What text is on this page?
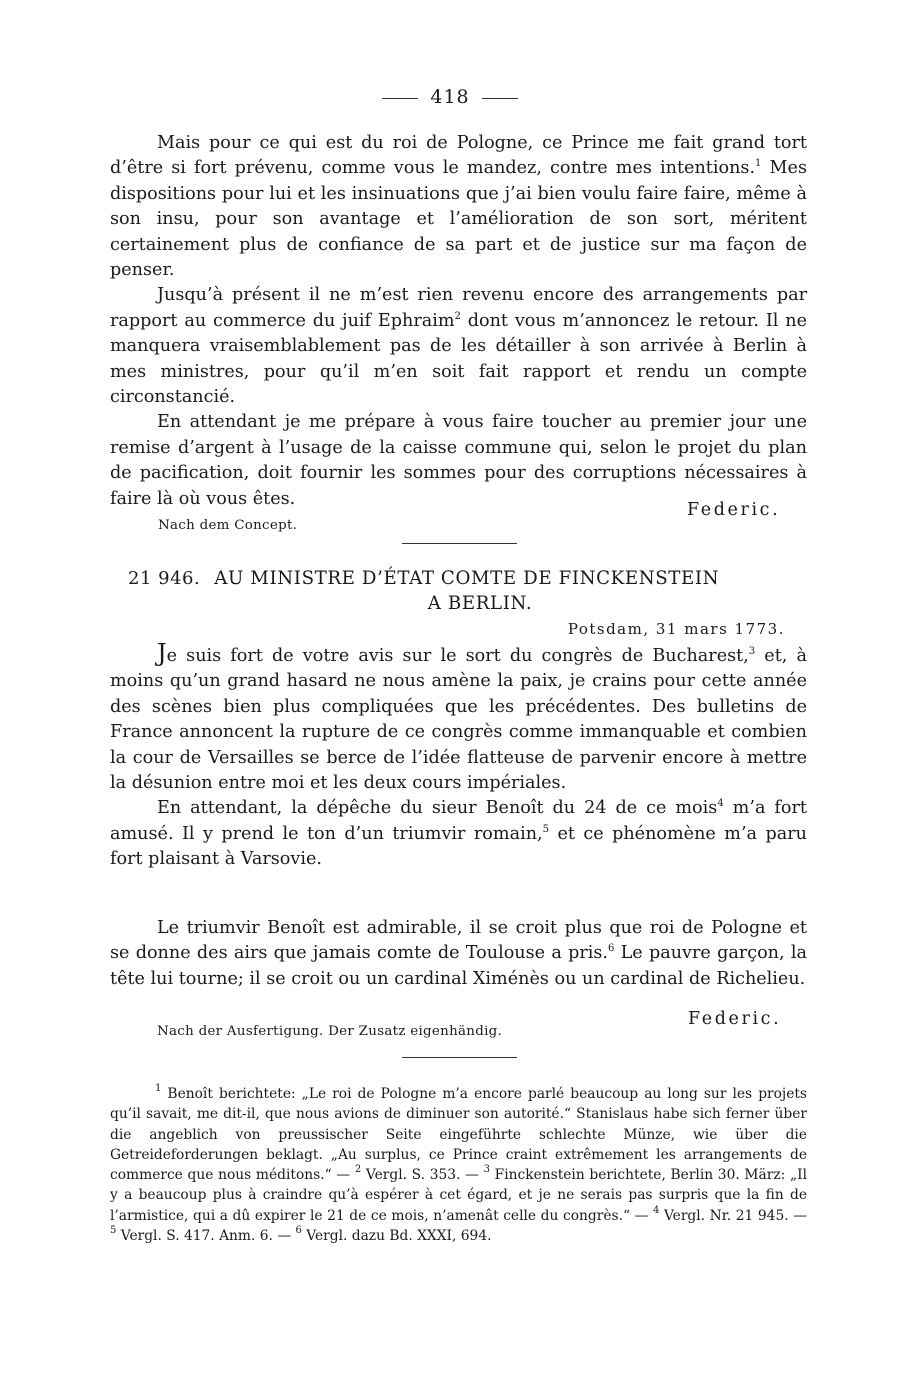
418

Mais pour ce qui est du roi de Pologne, ce Prince me fait grand tort d’être si fort prévenu, comme vous le mandez, contre mes intentions.$^1$ Mes dispositions pour lui et les insinuations que j’ai bien voulu faire faire, même à son insu, pour son avantage et l’amélioration de son sort, méritent certainement plus de confiance de sa part et de justice sur ma façon de penser.

Jusqu’à présent il ne m’est rien revenu encore des arrangements par rapport au commerce du juif Ephraim$^2$ dont vous m’annoncez le retour. Il ne manquera vraisemblablement pas de les détailler à son arrivée à Berlin à mes ministres, pour qu’il m’en soit fait rapport et rendu un compte circonstancié.

En attendant je me prépare à vous faire toucher au premier jour une remise d’argent à l’usage de la caisse commune qui, selon le projet du plan de pacification, doit fournir les sommes pour des corruptions nécessaires à faire là où vous êtes.

Federic.
Nach dem Concept.
21 946. AU MINISTRE D’ÉTAT COMTE DE FINCKENSTEIN
A BERLIN.
Potsdam, 31 mars 1773.

Je suis fort de votre avis sur le sort du congrès de Bucharest,$^3$ et, à moins qu’un grand hasard ne nous amène la paix, je crains pour cette année des scènes bien plus compliquées que les précédentes. Des bulletins de France annoncent la rupture de ce congrès comme immanquable et combien la cour de Versailles se berce de l’idée flatteuse de parvenir encore à mettre la désunion entre moi et les deux cours impériales.

En attendant, la dépêche du sieur Benoît du 24 de ce mois$^4$ m’a fort amusé. Il y prend le ton d’un triumvir romain,$^5$ et ce phénomène m’a paru fort plaisant à Varsovie.

Le triumvir Benoît est admirable, il se croit plus que roi de Pologne et se donne des airs que jamais comte de Toulouse a pris.$^6$ Le pauvre garçon, la tête lui tourne; il se croit ou un cardinal Ximénès ou un cardinal de Richelieu.

Federic.
Nach der Ausfertigung. Der Zusatz eigenhändig.

$^1$ Benoît berichtete: „Le roi de Pologne m’a encore parlé beaucoup au long sur les projets qu’il savait, me dit-il, que nous avions de diminuer son autorité.“ Stanislaus habe sich ferner über die angeblich von preussischer Seite eingeführte schlechte Münze, wie über die Getreideforderungen beklagt. „Au surplus, ce Prince craint extrêmement les arrangements de commerce que nous méditons.“ — $^2$ Vergl. S. 353. — $^3$ Finckenstein berichtete, Berlin 30. März: „Il y a beaucoup plus à craindre qu’à espérer à cet égard, et je ne serais pas surpris que la fin de l’armistice, qui a dû expirer le 21 de ce mois, n’amenât celle du congrès.“ — $^4$ Vergl. Nr. 21 945. — $^5$ Vergl. S. 417. Anm. 6. — $^6$ Vergl. dazu Bd. XXXI, 694.
